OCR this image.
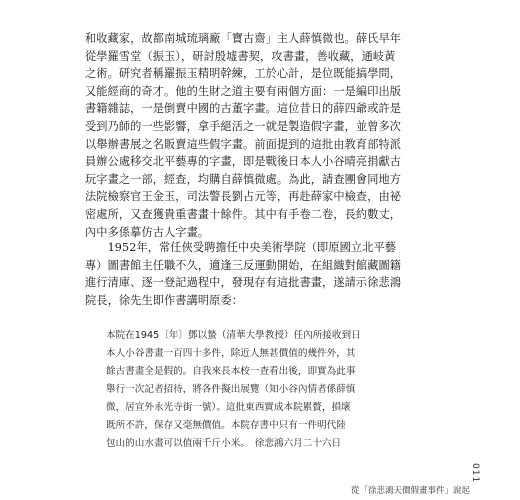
和收藏家，故都南城琉璃廠「寶古齋」主人薛慎微也。薛氏早年
從學羅雪堂（振玉），研討殷墟書契，攻書畫，善收藏，通岐黃
之術。研究者稱羅振玉精明幹練，工於心計，是位既能搞學問，
又能經商的奇才。他的生財之道主要有兩個方面：一是編印出版
書籍雜誌，一是倒賣中國的古董字畫。這位昔日的薛四爺或許是
受到乃師的一些影響，拿手絕活之一就是製造假字畫，並曾多次
以舉辦書展之名販賣這些假字畫。前面提到的這批由教育部特派
員辦公處移交北平藝專的字畫，即是戰後日本人小谷晴亮捐獻古
玩字畫之一部，經查，均購自薛慎微處。為此，請查團會同地方
法院檢察官王金玉，司法警長劉占元等，再赴薛家中檢查，由祕
密處所，又查獲貴重書畫十餘件。其中有手卷二卷，長約數丈，
內中多係摹仿古人字畫。
　　1952年，常任俠受聘擔任中央美術學院（即原國立北平藝
專）圖書館主任職不久，適逢三反運動開始，在組織對館藏圖籍
進行清庫、逐一登記過程中，發現存有這批書畫，遂請示徐悲鴻
院長，徐先生即作書講明原委：
本院在1945〔年〕鄧以蟄（清華大學教授）任內所接收到日
本人小谷書畫一百四十多件，除近人無甚價值的幾件外，其
餘古書畫全是假的。自我來長本校一查看出後，即實為此事
舉行一次記者招待，將各件擬出展覽（知小谷內情者係薛慎
微，居宣外永光寺街一號）。這批東西實成本院累贅，損壞
既所不許，保存又毫無價值。本院存書中只有一件明代陸
包山的山水畫可以值兩千斤小米。　徐悲鴻六月二十六日
011
從「徐悲鴻天價假畫事件」說起
